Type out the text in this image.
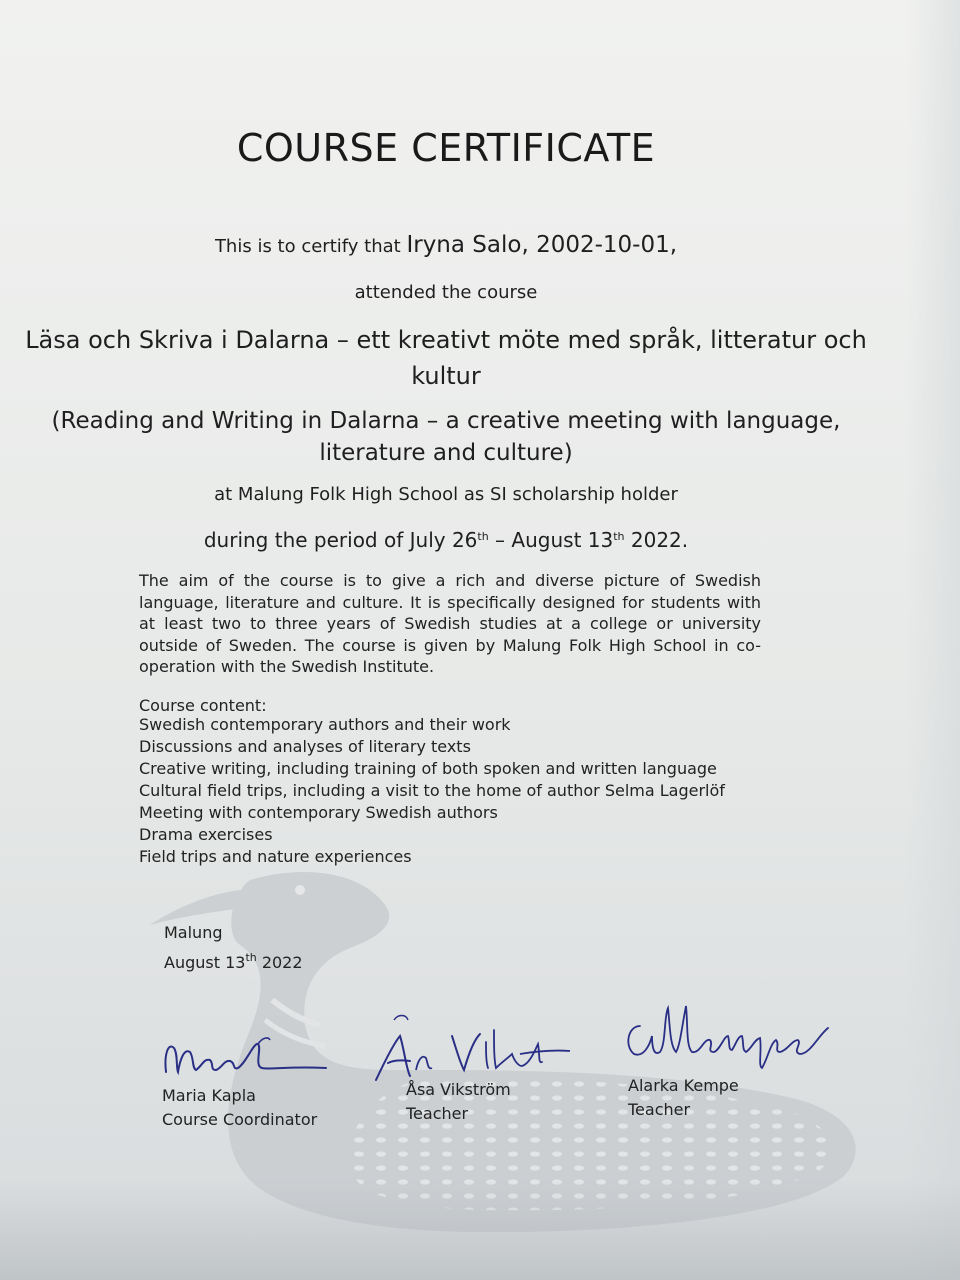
COURSE CERTIFICATE
This is to certify that Iryna Salo, 2002-10-01,
attended the course
Läsa och Skriva i Dalarna – ett kreativt möte med språk, litteratur och kultur
(Reading and Writing in Dalarna – a creative meeting with language, literature and culture)
at Malung Folk High School as SI scholarship holder
during the period of July 26th – August 13th 2022.
The aim of the course is to give a rich and diverse picture of Swedish language, literature and culture. It is specifically designed for students with at least two to three years of Swedish studies at a college or university outside of Sweden. The course is given by Malung Folk High School in co-operation with the Swedish Institute.
Course content:
Swedish contemporary authors and their work
Discussions and analyses of literary texts
Creative writing, including training of both spoken and written language
Cultural field trips, including a visit to the home of author Selma Lagerlöf
Meeting with contemporary Swedish authors
Drama exercises
Field trips and nature experiences
Malung
August 13th 2022
Maria Kapla
Course Coordinator
Åsa Vikström
Teacher
Alarka Kempe
Teacher
